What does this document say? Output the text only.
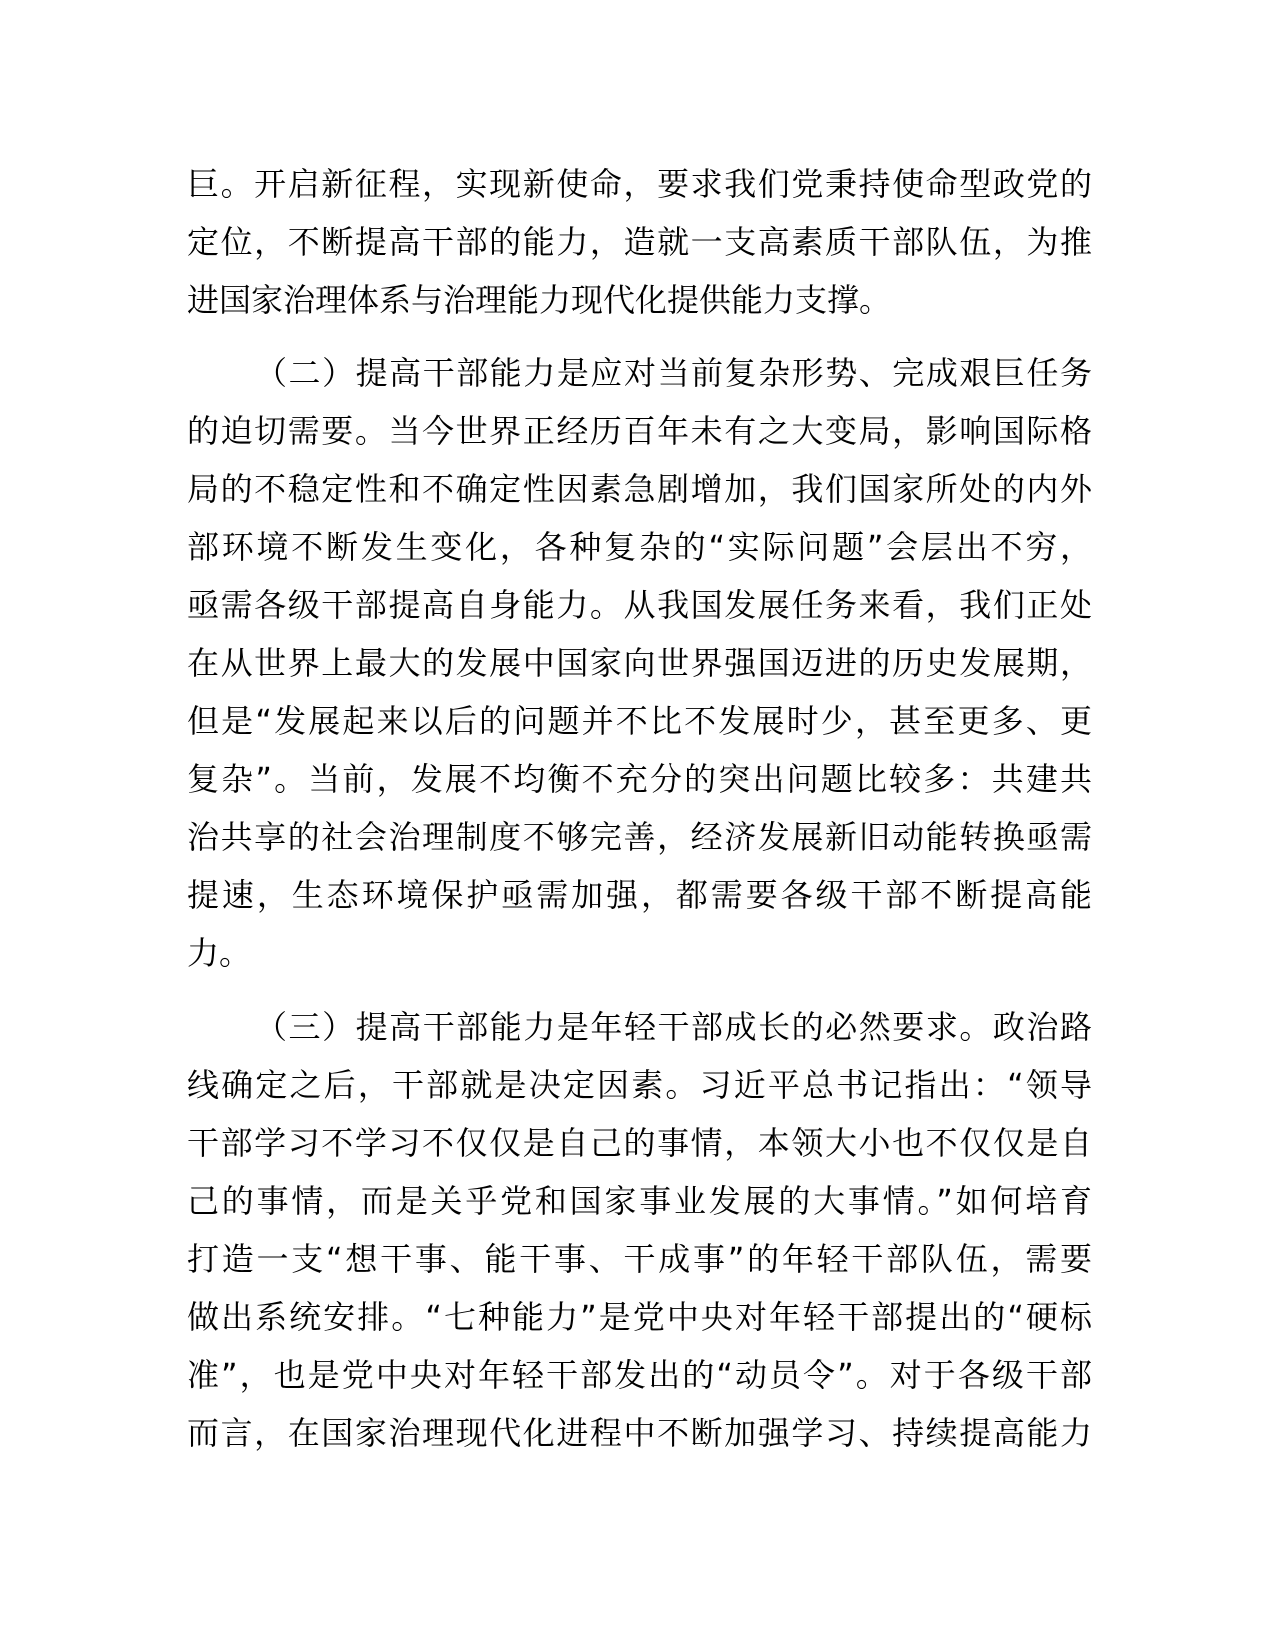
巨。开启新征程，实现新使命，要求我们党秉持使命型政党的
定位，不断提高干部的能力，造就一支高素质干部队伍，为推
进国家治理体系与治理能力现代化提供能力支撑。
（二）提高干部能力是应对当前复杂形势、完成艰巨任务
的迫切需要。当今世界正经历百年未有之大变局，影响国际格
局的不稳定性和不确定性因素急剧增加，我们国家所处的内外
部环境不断发生变化，各种复杂的“实际问题”会层出不穷，
亟需各级干部提高自身能力。从我国发展任务来看，我们正处
在从世界上最大的发展中国家向世界强国迈进的历史发展期，
但是“发展起来以后的问题并不比不发展时少，甚至更多、更
复杂”。当前，发展不均衡不充分的突出问题比较多：共建共
治共享的社会治理制度不够完善，经济发展新旧动能转换亟需
提速，生态环境保护亟需加强，都需要各级干部不断提高能
力。
（三）提高干部能力是年轻干部成长的必然要求。政治路
线确定之后，干部就是决定因素。习近平总书记指出：“领导
干部学习不学习不仅仅是自己的事情，本领大小也不仅仅是自
己的事情，而是关乎党和国家事业发展的大事情。”如何培育
打造一支“想干事、能干事、干成事”的年轻干部队伍，需要
做出系统安排。“七种能力”是党中央对年轻干部提出的“硬标
准”，也是党中央对年轻干部发出的“动员令”。对于各级干部
而言，在国家治理现代化进程中不断加强学习、持续提高能力
